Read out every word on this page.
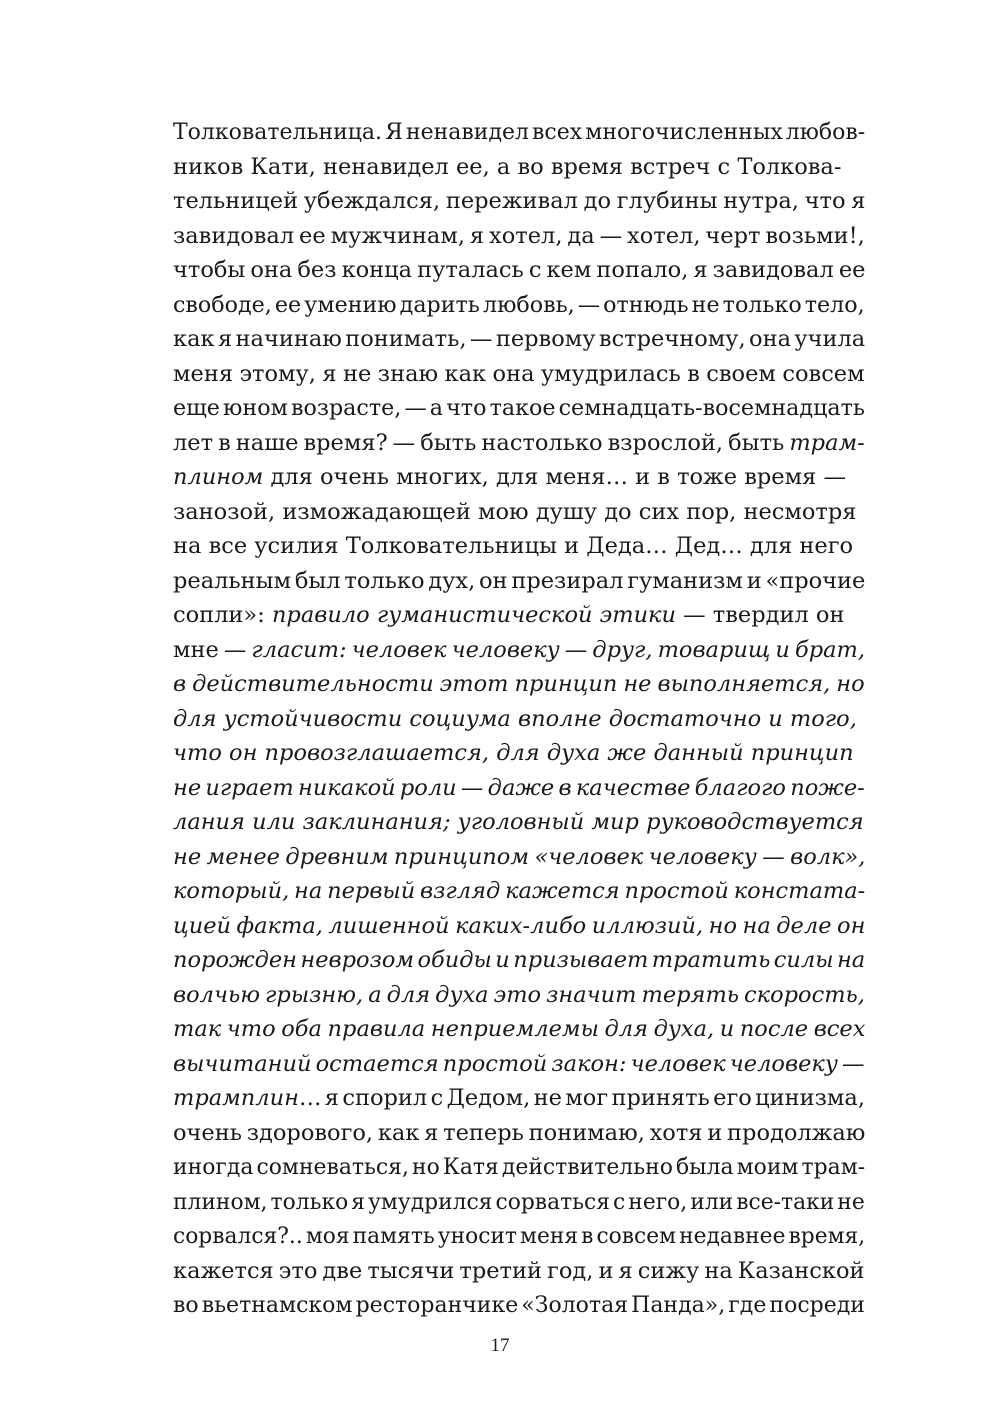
Толковательница. Я ненавидел всех многочисленных любов-
ников Кати, ненавидел ее, а во время встреч с Толкова-
тельницей убеждался, переживал до глубины нутра, что я
завидовал ее мужчинам, я хотел, да — хотел, черт возьми!,
чтобы она без конца путалась с кем попало, я завидовал ее
свободе, ее умению дарить любовь, — отнюдь не только тело,
как я начинаю понимать, — первому встречному, она учила
меня этому, я не знаю как она умудрилась в своем совсем
еще юном возрасте, — а что такое семнадцать-восемнадцать
лет в наше время? — быть настолько взрослой, быть трам-
плином для очень многих, для меня… и в тоже время —
занозой, изможадающей мою душу до сих пор, несмотря
на все усилия Толковательницы и Деда… Дед… для него
реальным был только дух, он презирал гуманизм и «прочие
сопли»: правило гуманистической этики — твердил он
мне — гласит: человек человеку — друг, товарищ и брат,
в действительности этот принцип не выполняется, но
для устойчивости социума вполне достаточно и того,
что он провозглашается, для духа же данный принцип
не играет никакой роли — даже в качестве благого поже-
лания или заклинания; уголовный мир руководствуется
не менее древним принципом «человек человеку — волк»,
который, на первый взгляд кажется простой констата-
цией факта, лишенной каких-либо иллюзий, но на деле он
порожден неврозом обиды и призывает тратить силы на
волчью грызню, а для духа это значит терять скорость,
так что оба правила неприемлемы для духа, и после всех
вычитаний остается простой закон: человек человеку —
трамплин… я спорил с Дедом, не мог принять его цинизма,
очень здорового, как я теперь понимаю, хотя и продолжаю
иногда сомневаться, но Катя действительно была моим трам-
плином, только я умудрился сорваться с него, или все-таки не
сорвался?.. моя память уносит меня в совсем недавнее время,
кажется это две тысячи третий год, и я сижу на Казанской
во вьетнамском ресторанчике «Золотая Панда», где посреди
17
